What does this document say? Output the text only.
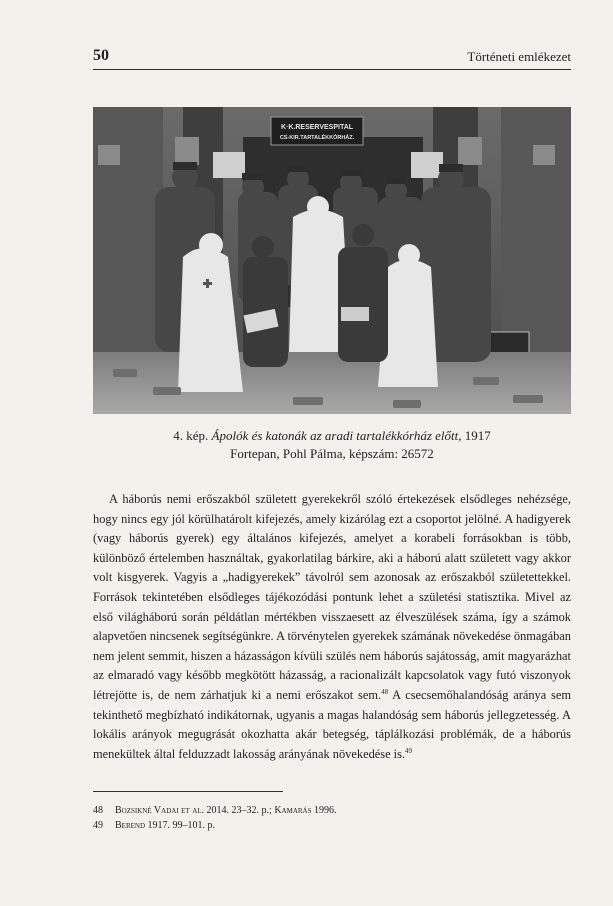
50	Történeti emlékezet
K·K.RESERVESPITAL
CS-KIR.TARTALÉKKÓRHÁZ.
4. kép. Ápolók és katonák az aradi tartalékkórház előtt, 1917
Fortepan, Pohl Pálma, képszám: 26572

A háborús nemi erőszakból született gyerekekről szóló értekezések elsődleges nehézsége, hogy nincs egy jól körülhatárolt kifejezés, amely kizárólag ezt a csoportot jelölné. A hadigyerek (vagy háborús gyerek) egy általános kifejezés, amelyet a korabeli forrásokban is több, különböző értelemben használtak, gyakorlatilag bárkire, aki a háború alatt született vagy akkor volt kisgyerek. Vagyis a „hadigyerekek” távolról sem azonosak az erőszakból születettekkel. Források tekintetében elsődleges tájékozódási pontunk lehet a születési statisztika. Mivel az első világháború során példátlan mértékben visszaesett az élveszülések száma, így a számok alapvetően nincsenek segítségünkre. A törvénytelen gyerekek számának növekedése önmagában nem jelent semmit, hiszen a házasságon kívüli szülés nem háborús sajátosság, amit magyarázhat az elmaradó vagy később megkötött házasság, a racionalizált kapcsolatok vagy futó viszonyok létrejötte is, de nem zárhatjuk ki a nemi erőszakot sem.$^{48}$ A csecsemőhalandóság aránya sem tekinthető megbízható indikátornak, ugyanis a magas halandóság sem háborús jellegzetesség. A lokális arányok megugrását okozhatta akár betegség, táplálkozási problémák, de a háborús menekültek által felduzzadt lakosság arányának növekedése is.$^{49}$

48	Bozsikné Vadai et al. 2014. 23–32. p.; Kamarás 1996.
49	Berend 1917. 99–101. p.
